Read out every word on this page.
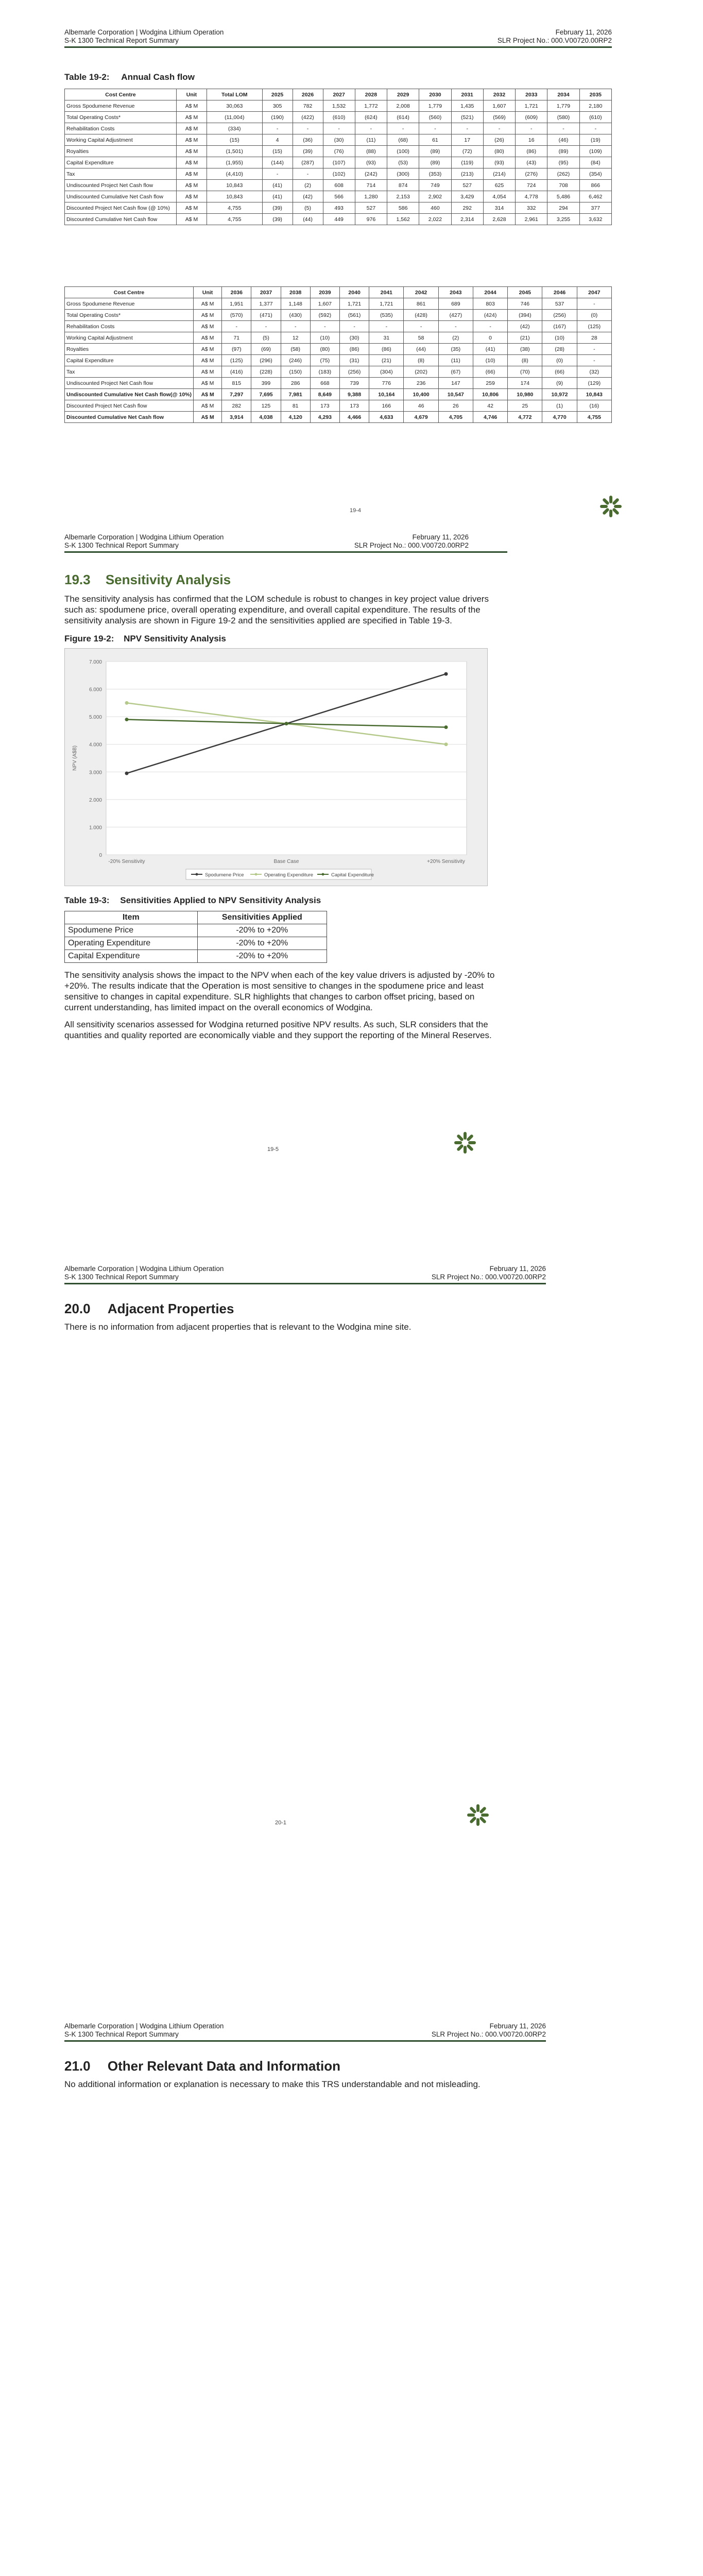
Albemarle Corporation | Wodgina Lithium Operation
S-K 1300 Technical Report Summary
February 11, 2026
SLR Project No.: 000.V00720.00RP2
Table 19-2: Annual Cash flow
Cost Centre	Unit	Total LOM	2025	2026	2027	2028	2029	2030	2031	2032	2033	2034	2035
Gross Spodumene Revenue	A$ M	30,063	305	782	1,532	1,772	2,008	1,779	1,435	1,607	1,721	1,779	2,180
Total Operating Costs*	A$ M	(11,004)	(190)	(422)	(610)	(624)	(614)	(560)	(521)	(569)	(609)	(580)	(610)
Rehabilitation Costs	A$ M	(334)	-	-	-	-	-	-	-	-	-	-	-
Working Capital Adjustment	A$ M	(15)	4	(36)	(30)	(11)	(68)	61	17	(26)	16	(46)	(19)
Royalties	A$ M	(1,501)	(15)	(39)	(76)	(88)	(100)	(89)	(72)	(80)	(86)	(89)	(109)
Capital Expenditure	A$ M	(1,955)	(144)	(287)	(107)	(93)	(53)	(89)	(119)	(93)	(43)	(95)	(84)
Tax	A$ M	(4,410)	-	-	(102)	(242)	(300)	(353)	(213)	(214)	(276)	(262)	(354)
Undiscounted Project Net Cash flow	A$ M	10,843	(41)	(2)	608	714	874	749	527	625	724	708	866
Undiscounted Cumulative Net Cash flow	A$ M	10,843	(41)	(42)	566	1,280	2,153	2,902	3,429	4,054	4,778	5,486	6,462
Discounted Project Net Cash flow (@ 10%)	A$ M	4,755	(39)	(5)	493	527	586	460	292	314	332	294	377
Discounted Cumulative Net Cash flow	A$ M	4,755	(39)	(44)	449	976	1,562	2,022	2,314	2,628	2,961	3,255	3,632
Cost Centre	Unit	2036	2037	2038	2039	2040	2041	2042	2043	2044	2045	2046	2047
Gross Spodumene Revenue	A$ M	1,951	1,377	1,148	1,607	1,721	1,721	861	689	803	746	537	-
Total Operating Costs*	A$ M	(570)	(471)	(430)	(592)	(561)	(535)	(428)	(427)	(424)	(394)	(256)	(0)
Rehabilitation Costs	A$ M	-	-	-	-	-	-	-	-	-	(42)	(167)	(125)
Working Capital Adjustment	A$ M	71	(5)	12	(10)	(30)	31	58	(2)	0	(21)	(10)	28
Royalties	A$ M	(97)	(69)	(58)	(80)	(86)	(86)	(44)	(35)	(41)	(38)	(28)	-
Capital Expenditure	A$ M	(125)	(296)	(246)	(75)	(31)	(21)	(8)	(11)	(10)	(8)	(0)	-
Tax	A$ M	(416)	(228)	(150)	(183)	(256)	(304)	(202)	(67)	(66)	(70)	(66)	(32)
Undiscounted Project Net Cash flow	A$ M	815	399	286	668	739	776	236	147	259	174	(9)	(129)
Undiscounted Cumulative Net Cash flow(@ 10%)	A$ M	7,297	7,695	7,981	8,649	9,388	10,164	10,400	10,547	10,806	10,980	10,972	10,843
Discounted Project Net Cash flow	A$ M	282	125	81	173	173	166	46	26	42	25	(1)	(16)
Discounted Cumulative Net Cash flow	A$ M	3,914	4,038	4,120	4,293	4,466	4,633	4,679	4,705	4,746	4,772	4,770	4,755
19-4
Albemarle Corporation | Wodgina Lithium Operation
S-K 1300 Technical Report Summary
February 11, 2026
SLR Project No.: 000.V00720.00RP2
19.3 Sensitivity Analysis

The sensitivity analysis has confirmed that the LOM schedule is robust to changes in key project value drivers such as: spodumene price, overall operating expenditure, and overall capital expenditure. The results of the sensitivity analysis are shown in Figure 19-2 and the sensitivities applied are specified in Table 19-3.

Figure 19-2: NPV Sensitivity Analysis
0
1.000
2.000
3.000
4.000
5.000
6.000
7.000
NPV (A$B)
-20% Sensitivity	Base Case	+20% Sensitivity
Spodumene Price	Operating Expenditure	Capital Expenditure
Table 19-3: Sensitivities Applied to NPV Sensitivity Analysis
Item	Sensitivities Applied
Spodumene Price	-20% to +20%
Operating Expenditure	-20% to +20%
Capital Expenditure	-20% to +20%

The sensitivity analysis shows the impact to the NPV when each of the key value drivers is adjusted by -20% to +20%. The results indicate that the Operation is most sensitive to changes in the spodumene price and least sensitive to changes in capital expenditure. SLR highlights that changes to carbon offset pricing, based on current understanding, has limited impact on the overall economics of Wodgina.

All sensitivity scenarios assessed for Wodgina returned positive NPV results. As such, SLR considers that the quantities and quality reported are economically viable and they support the reporting of the Mineral Reserves.

19-5
Albemarle Corporation | Wodgina Lithium Operation
S-K 1300 Technical Report Summary
February 11, 2026
SLR Project No.: 000.V00720.00RP2
20.0 Adjacent Properties

There is no information from adjacent properties that is relevant to the Wodgina mine site.

20-1
Albemarle Corporation | Wodgina Lithium Operation
S-K 1300 Technical Report Summary
February 11, 2026
SLR Project No.: 000.V00720.00RP2
21.0 Other Relevant Data and Information

No additional information or explanation is necessary to make this TRS understandable and not misleading.
